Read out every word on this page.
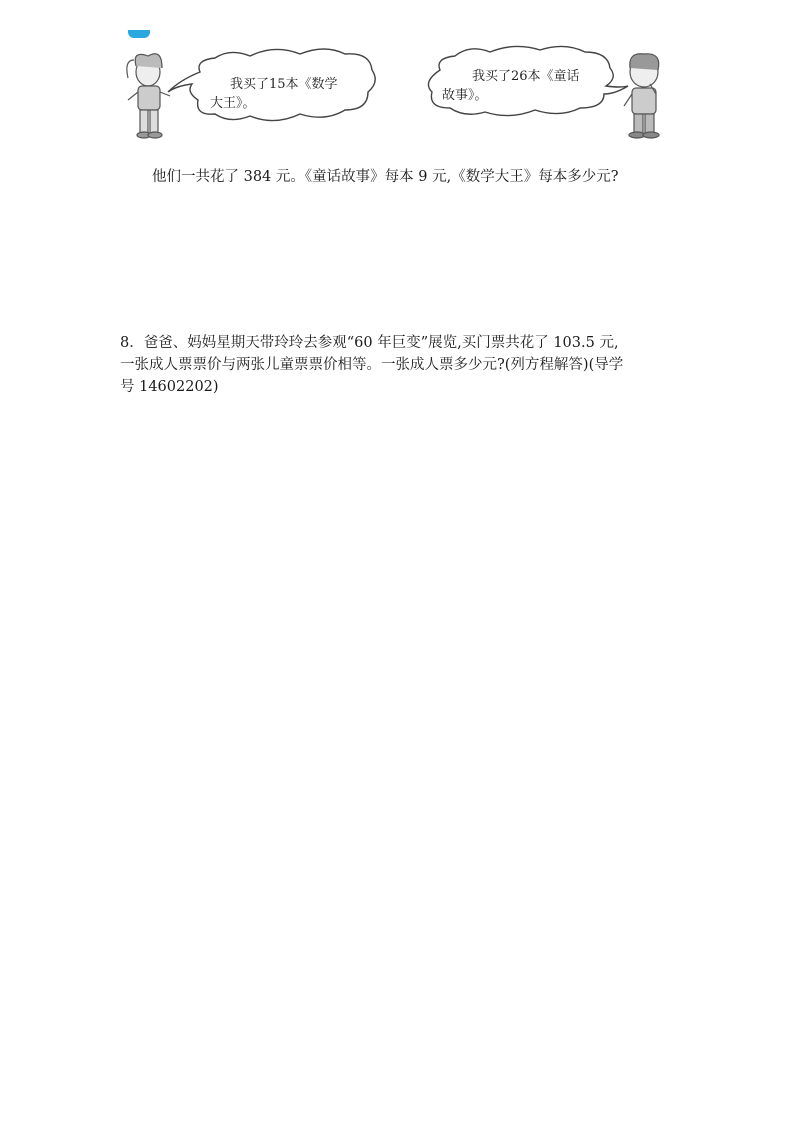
我买了15本《数学
大王》。
我买了26本《童话
故事》。
他们一共花了 384 元。《童话故事》每本 9 元,《数学大王》每本多少元?
8．爸爸、妈妈星期天带玲玲去参观“60 年巨变”展览,买门票共花了 103.5 元,
一张成人票票价与两张儿童票票价相等。一张成人票多少元?(列方程解答)(导学
号 14602202)
